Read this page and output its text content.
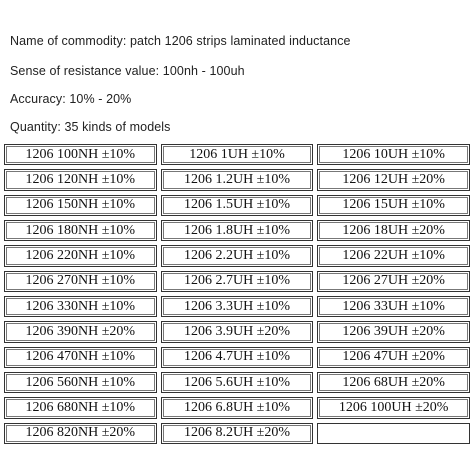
Name of commodity: patch 1206 strips laminated inductance
Sense of resistance value: 100nh - 100uh
Accuracy: 10% - 20%
Quantity: 35 kinds of models
1206 100NH ±10%	1206 1UH ±10%	1206 10UH ±10%
1206 120NH ±10%	1206 1.2UH ±10%	1206 12UH ±20%
1206 150NH ±10%	1206 1.5UH ±10%	1206 15UH ±10%
1206 180NH ±10%	1206 1.8UH ±10%	1206 18UH ±20%
1206 220NH ±10%	1206 2.2UH ±10%	1206 22UH ±10%
1206 270NH ±10%	1206 2.7UH ±10%	1206 27UH ±20%
1206 330NH ±10%	1206 3.3UH ±10%	1206 33UH ±10%
1206 390NH ±20%	1206 3.9UH ±20%	1206 39UH ±20%
1206 470NH ±10%	1206 4.7UH ±10%	1206 47UH ±20%
1206 560NH ±10%	1206 5.6UH ±10%	1206 68UH ±20%
1206 680NH ±10%	1206 6.8UH ±10%	1206 100UH ±20%
1206 820NH ±20%	1206 8.2UH ±20%
